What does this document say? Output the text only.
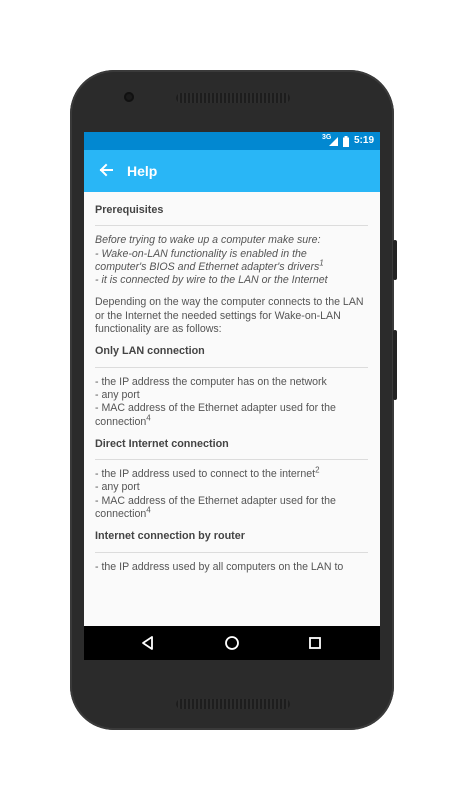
3G 5:19
Help

Prerequisites

Before trying to wake up a computer make sure:
- Wake-on-LAN functionality is enabled in the
computer's BIOS and Ethernet adapter's drivers$^1$
- it is connected by wire to the LAN or the Internet

Depending on the way the computer connects to the LAN or the Internet the needed settings for Wake-on-LAN functionality are as follows:

Only LAN connection

- the IP address the computer has on the network
- any port
- MAC address of the Ethernet adapter used for the
connection$^4$

Direct Internet connection

- the IP address used to connect to the internet$^2$
- any port
- MAC address of the Ethernet adapter used for the
connection$^4$

Internet connection by router

- the IP address used by all computers on the LAN to
